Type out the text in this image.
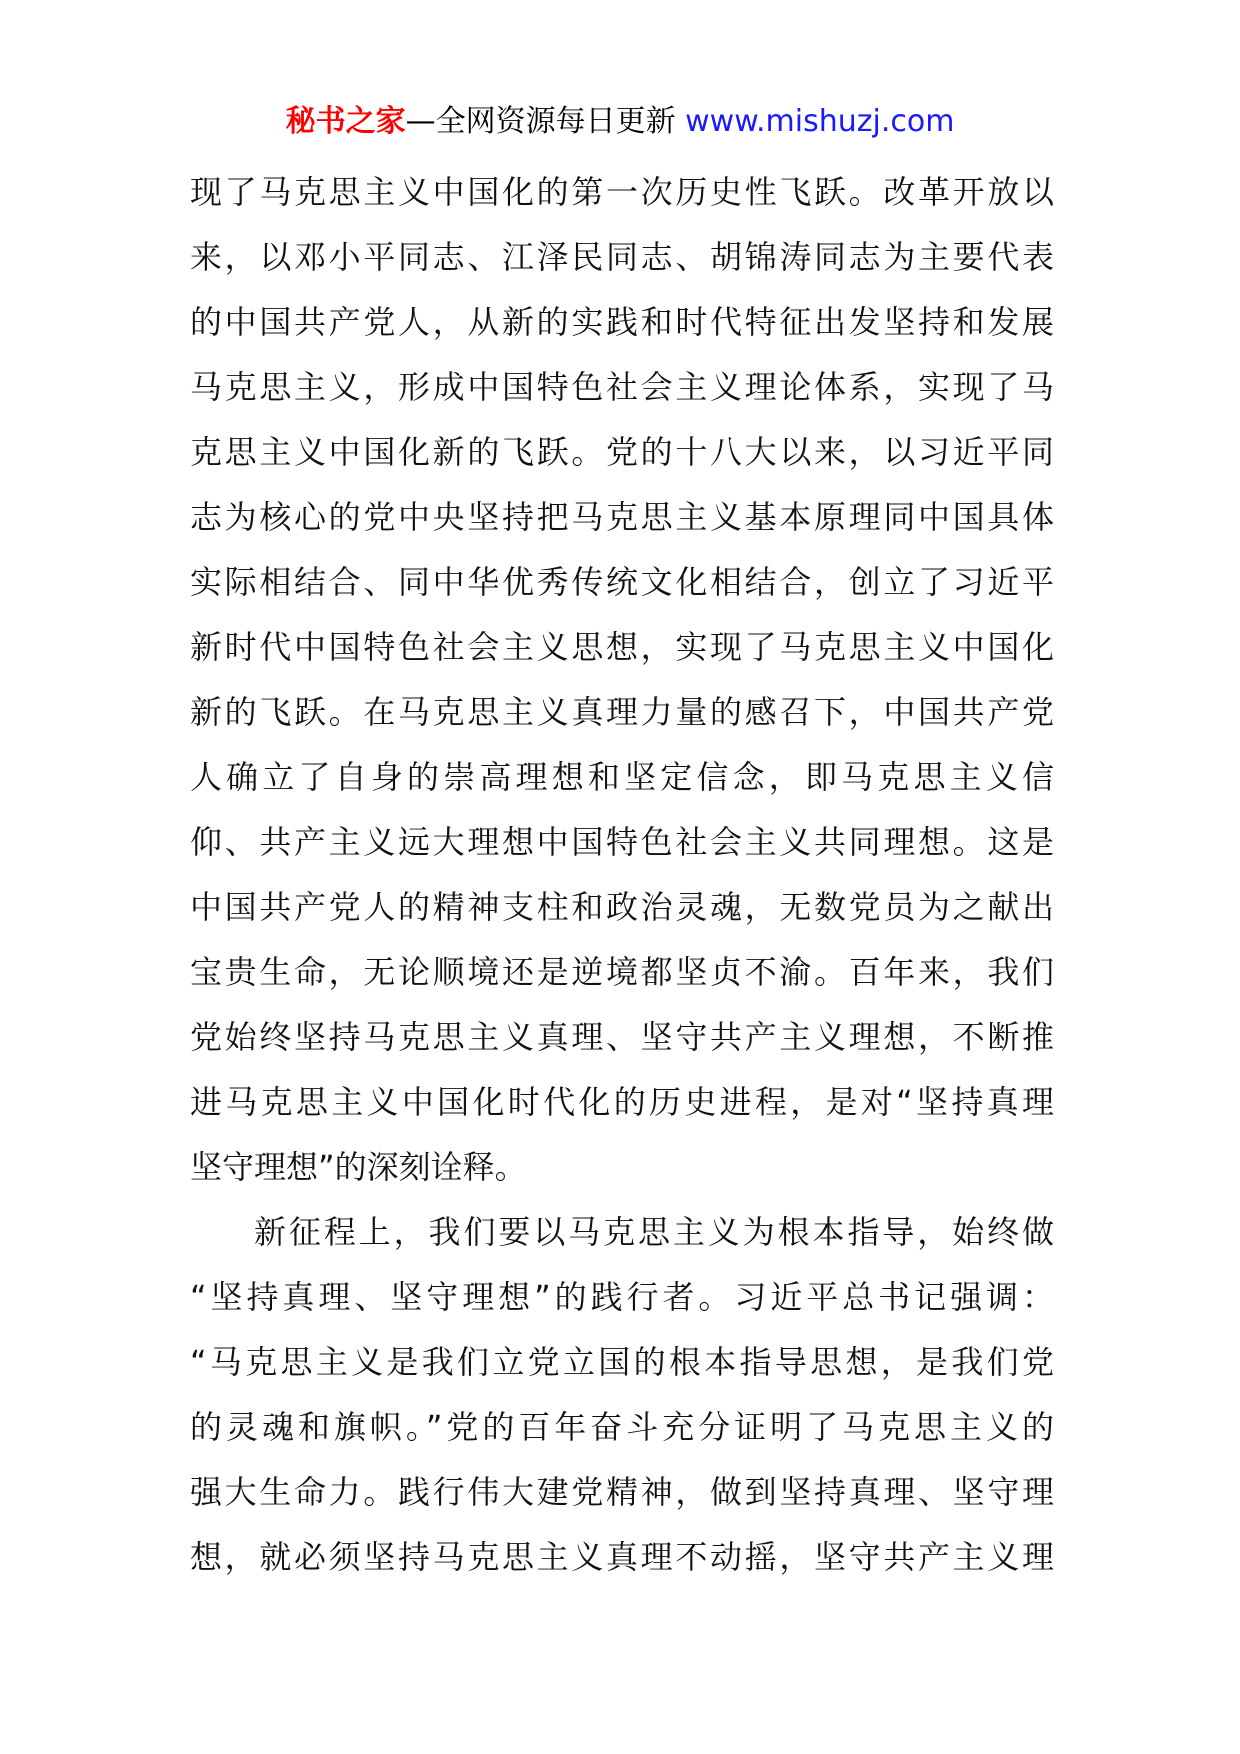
秘书之家—全网资源每日更新 www.mishuzj.com
现了马克思主义中国化的第一次历史性飞跃。改革开放以
来，以邓小平同志、江泽民同志、胡锦涛同志为主要代表
的中国共产党人，从新的实践和时代特征出发坚持和发展
马克思主义，形成中国特色社会主义理论体系，实现了马
克思主义中国化新的飞跃。党的十八大以来，以习近平同
志为核心的党中央坚持把马克思主义基本原理同中国具体
实际相结合、同中华优秀传统文化相结合，创立了习近平
新时代中国特色社会主义思想，实现了马克思主义中国化
新的飞跃。在马克思主义真理力量的感召下，中国共产党
人确立了自身的崇高理想和坚定信念，即马克思主义信
仰、共产主义远大理想中国特色社会主义共同理想。这是
中国共产党人的精神支柱和政治灵魂，无数党员为之献出
宝贵生命，无论顺境还是逆境都坚贞不渝。百年来，我们
党始终坚持马克思主义真理、坚守共产主义理想，不断推
进马克思主义中国化时代化的历史进程，是对“坚持真理
坚守理想”的深刻诠释。
新征程上，我们要以马克思主义为根本指导，始终做
“坚持真理、坚守理想”的践行者。习近平总书记强调：
“马克思主义是我们立党立国的根本指导思想，是我们党
的灵魂和旗帜。”党的百年奋斗充分证明了马克思主义的
强大生命力。践行伟大建党精神，做到坚持真理、坚守理
想，就必须坚持马克思主义真理不动摇，坚守共产主义理
